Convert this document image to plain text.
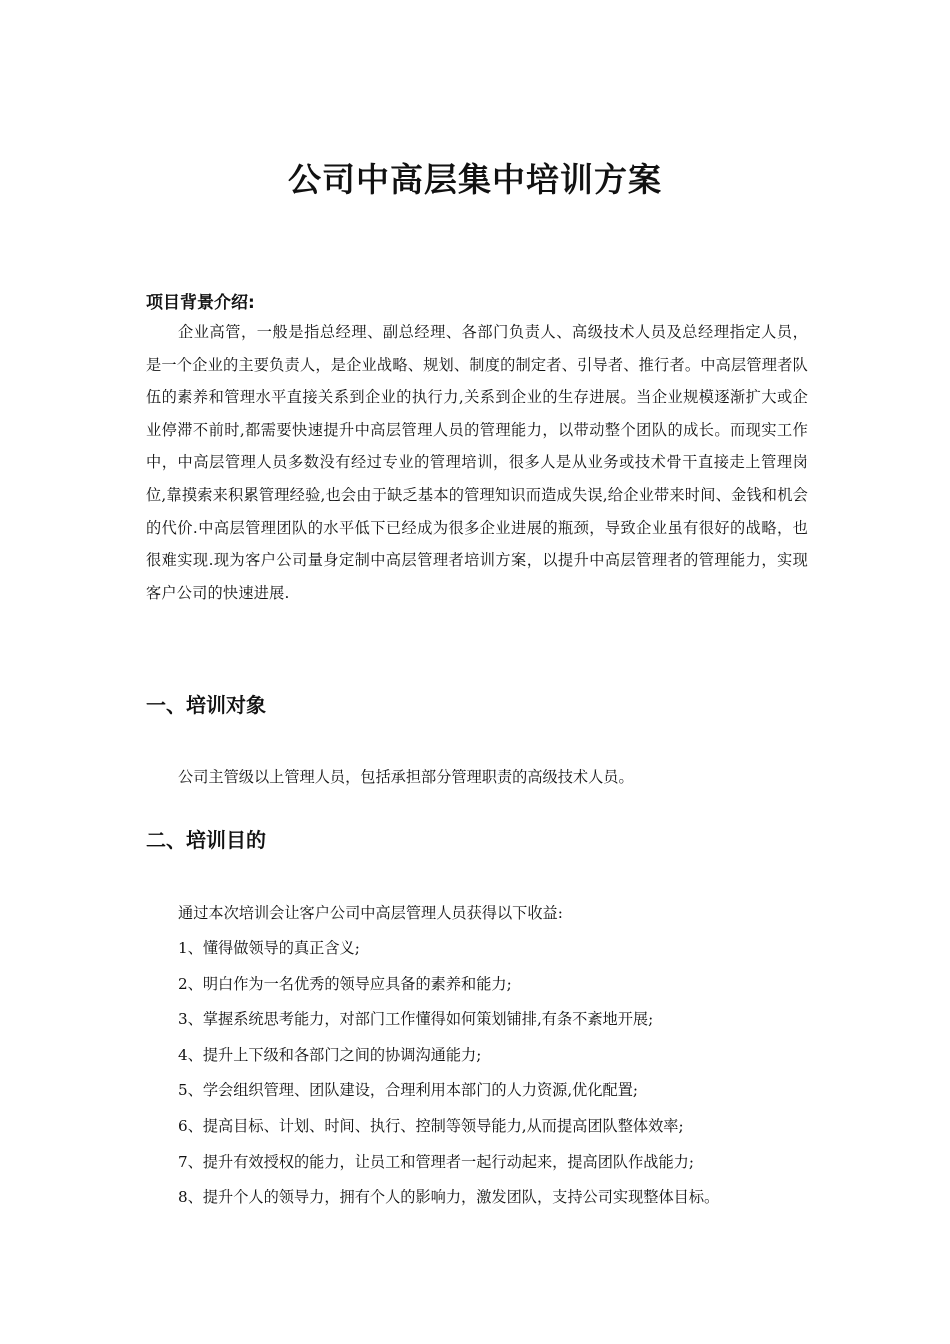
公司中高层集中培训方案
项目背景介绍:

企业高管，一般是指总经理、副总经理、各部门负责人、高级技术人员及总经理指定人员，是一个企业的主要负责人，是企业战略、规划、制度的制定者、引导者、推行者。中高层管理者队伍的素养和管理水平直接关系到企业的执行力,关系到企业的生存进展。当企业规模逐渐扩大或企业停滞不前时,都需要快速提升中高层管理人员的管理能力，以带动整个团队的成长。而现实工作中，中高层管理人员多数没有经过专业的管理培训，很多人是从业务或技术骨干直接走上管理岗位,靠摸索来积累管理经验,也会由于缺乏基本的管理知识而造成失误,给企业带来时间、金钱和机会的代价.中高层管理团队的水平低下已经成为很多企业进展的瓶颈，导致企业虽有很好的战略，也很难实现.现为客户公司量身定制中高层管理者培训方案，以提升中高层管理者的管理能力，实现客户公司的快速进展.

一、培训对象

公司主管级以上管理人员，包括承担部分管理职责的高级技术人员。

二、培训目的

通过本次培训会让客户公司中高层管理人员获得以下收益:

1、懂得做领导的真正含义;
2、明白作为一名优秀的领导应具备的素养和能力;
3、掌握系统思考能力，对部门工作懂得如何策划铺排,有条不紊地开展;
4、提升上下级和各部门之间的协调沟通能力;
5、学会组织管理、团队建设，合理利用本部门的人力资源,优化配置;
6、提高目标、计划、时间、执行、控制等领导能力,从而提高团队整体效率;
7、提升有效授权的能力，让员工和管理者一起行动起来，提高团队作战能力;
8、提升个人的领导力，拥有个人的影响力，激发团队，支持公司实现整体目标。
